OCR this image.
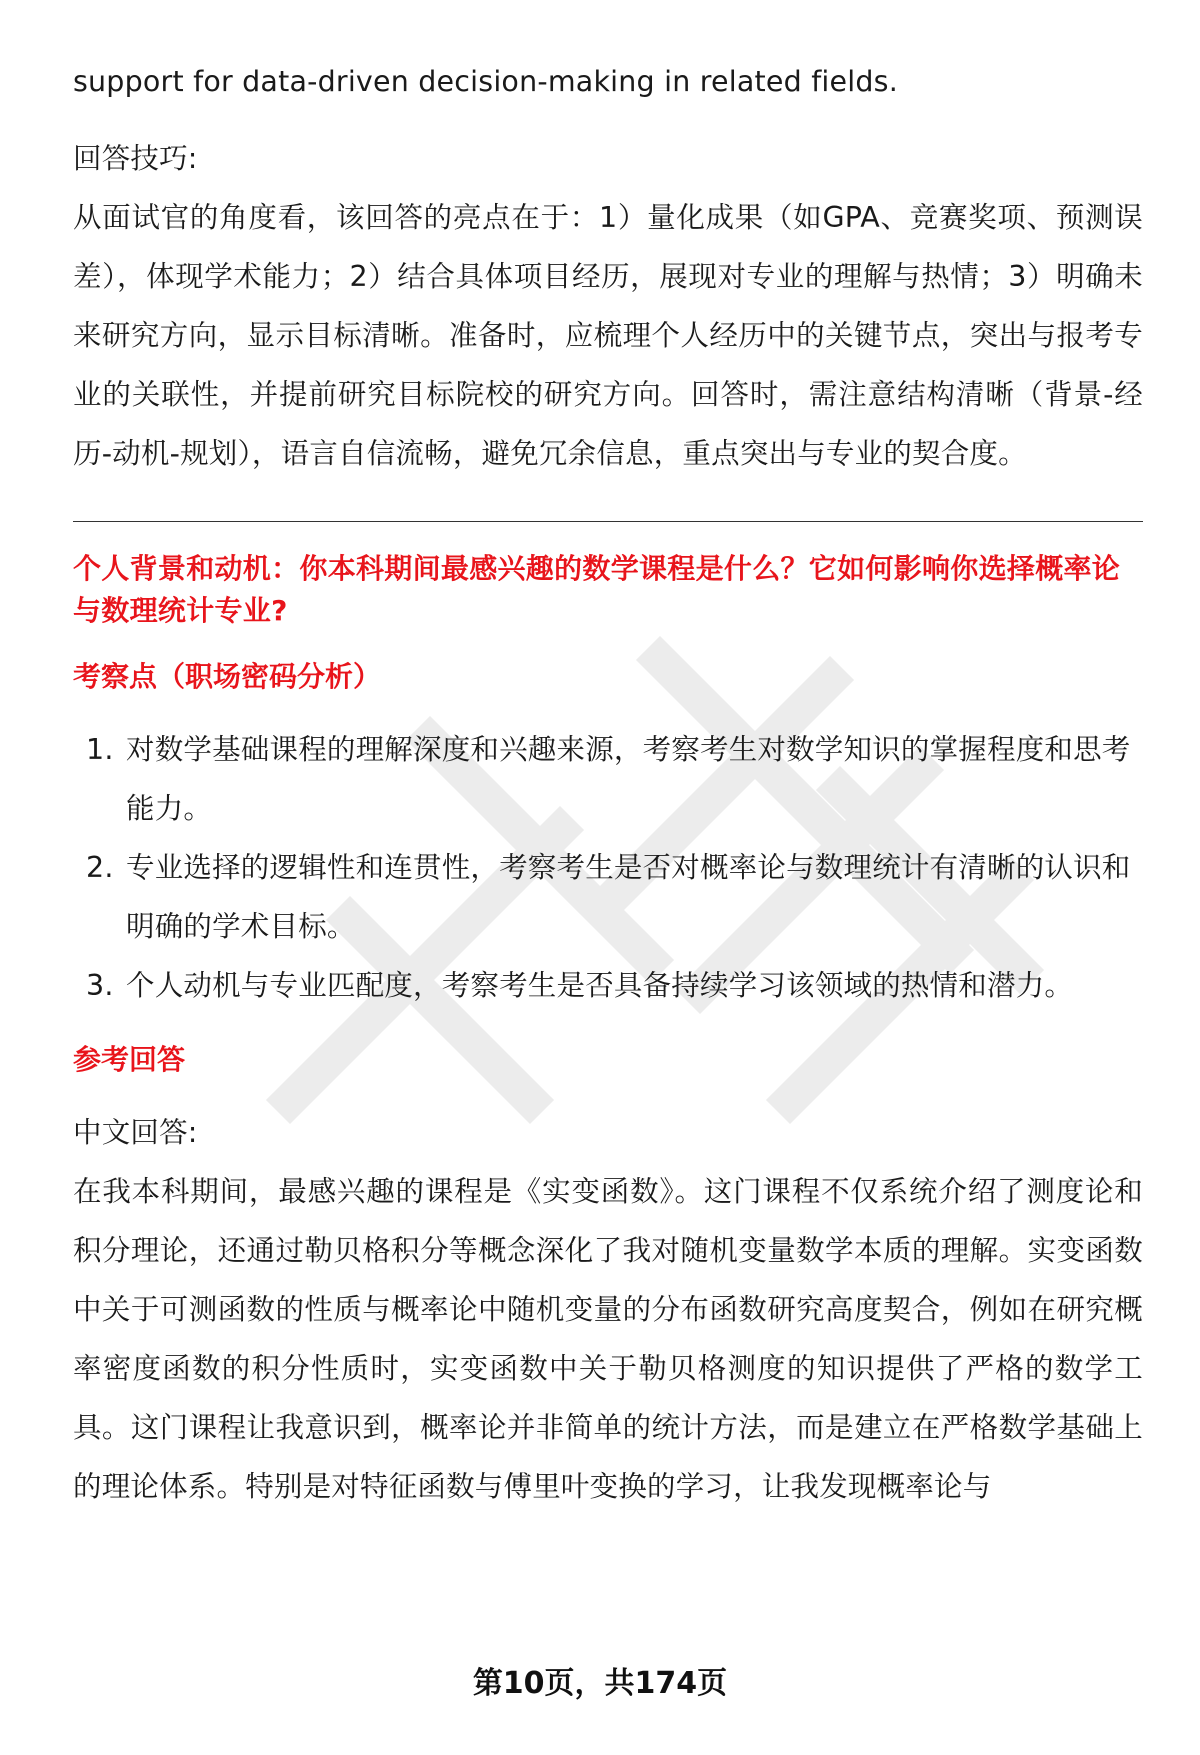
support for data-driven decision-making in related fields.

回答技巧:

从面试官的角度看，该回答的亮点在于：1）量化成果（如GPA、竞赛奖项、预测误差），体现学术能力；2）结合具体项目经历，展现对专业的理解与热情；3）明确未来研究方向，显示目标清晰。准备时，应梳理个人经历中的关键节点，突出与报考专业的关联性，并提前研究目标院校的研究方向。回答时，需注意结构清晰（背景-经历-动机-规划），语言自信流畅，避免冗余信息，重点突出与专业的契合度。

个人背景和动机：你本科期间最感兴趣的数学课程是什么？它如何影响你选择概率论与数理统计专业?

考察点（职场密码分析）

1. 对数学基础课程的理解深度和兴趣来源，考察考生对数学知识的掌握程度和思考能力。
2. 专业选择的逻辑性和连贯性，考察考生是否对概率论与数理统计有清晰的认识和明确的学术目标。
3. 个人动机与专业匹配度，考察考生是否具备持续学习该领域的热情和潜力。

参考回答

中文回答:

在我本科期间，最感兴趣的课程是《实变函数》。这门课程不仅系统介绍了测度论和积分理论，还通过勒贝格积分等概念深化了我对随机变量数学本质的理解。实变函数中关于可测函数的性质与概率论中随机变量的分布函数研究高度契合，例如在研究概率密度函数的积分性质时，实变函数中关于勒贝格测度的知识提供了严格的数学工具。这门课程让我意识到，概率论并非简单的统计方法，而是建立在严格数学基础上的理论体系。特别是对特征函数与傅里叶变换的学习，让我发现概率论与

第10页，共174页
